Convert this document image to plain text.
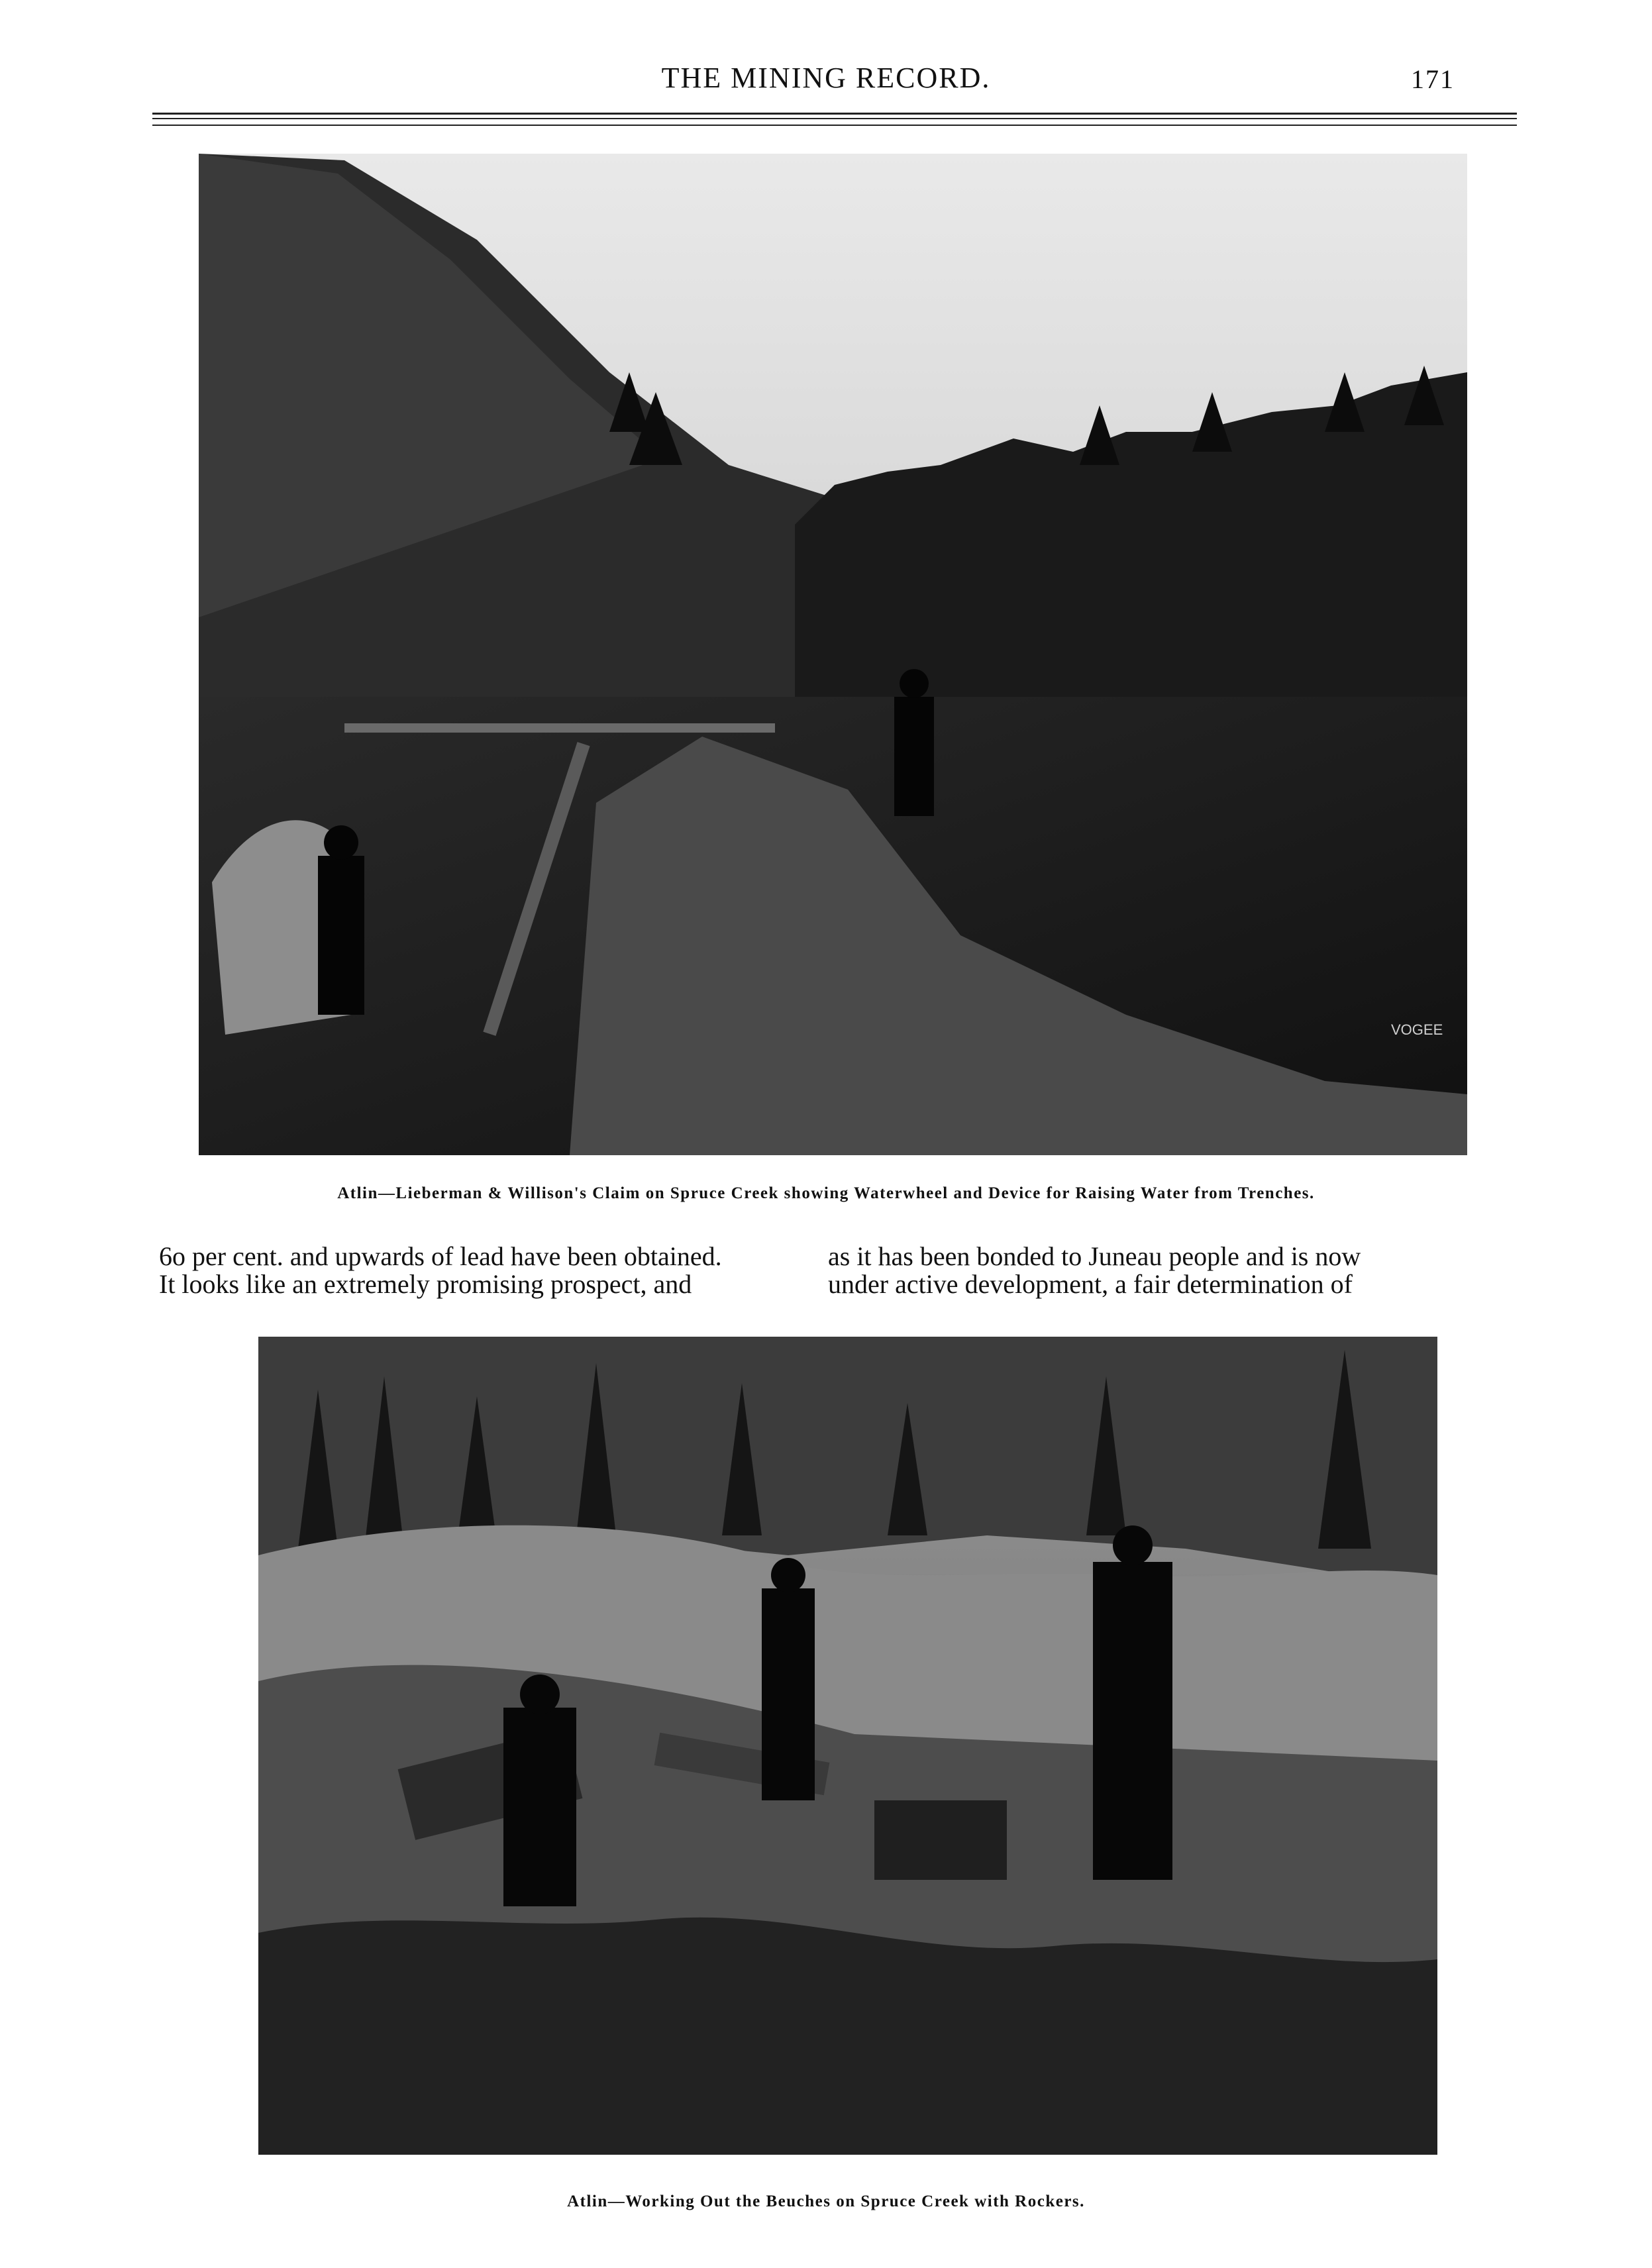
THE MINING RECORD.	171
VOGEE
Atlin—Lieberman & Willison's Claim on Spruce Creek showing Waterwheel and Device for Raising Water from Trenches.
6o per cent. and upwards of lead have been obtained.
It looks like an extremely promising prospect, and
as it has been bonded to Juneau people and is now
under active development, a fair determination of
Atlin—Working Out the Beuches on Spruce Creek with Rockers.
